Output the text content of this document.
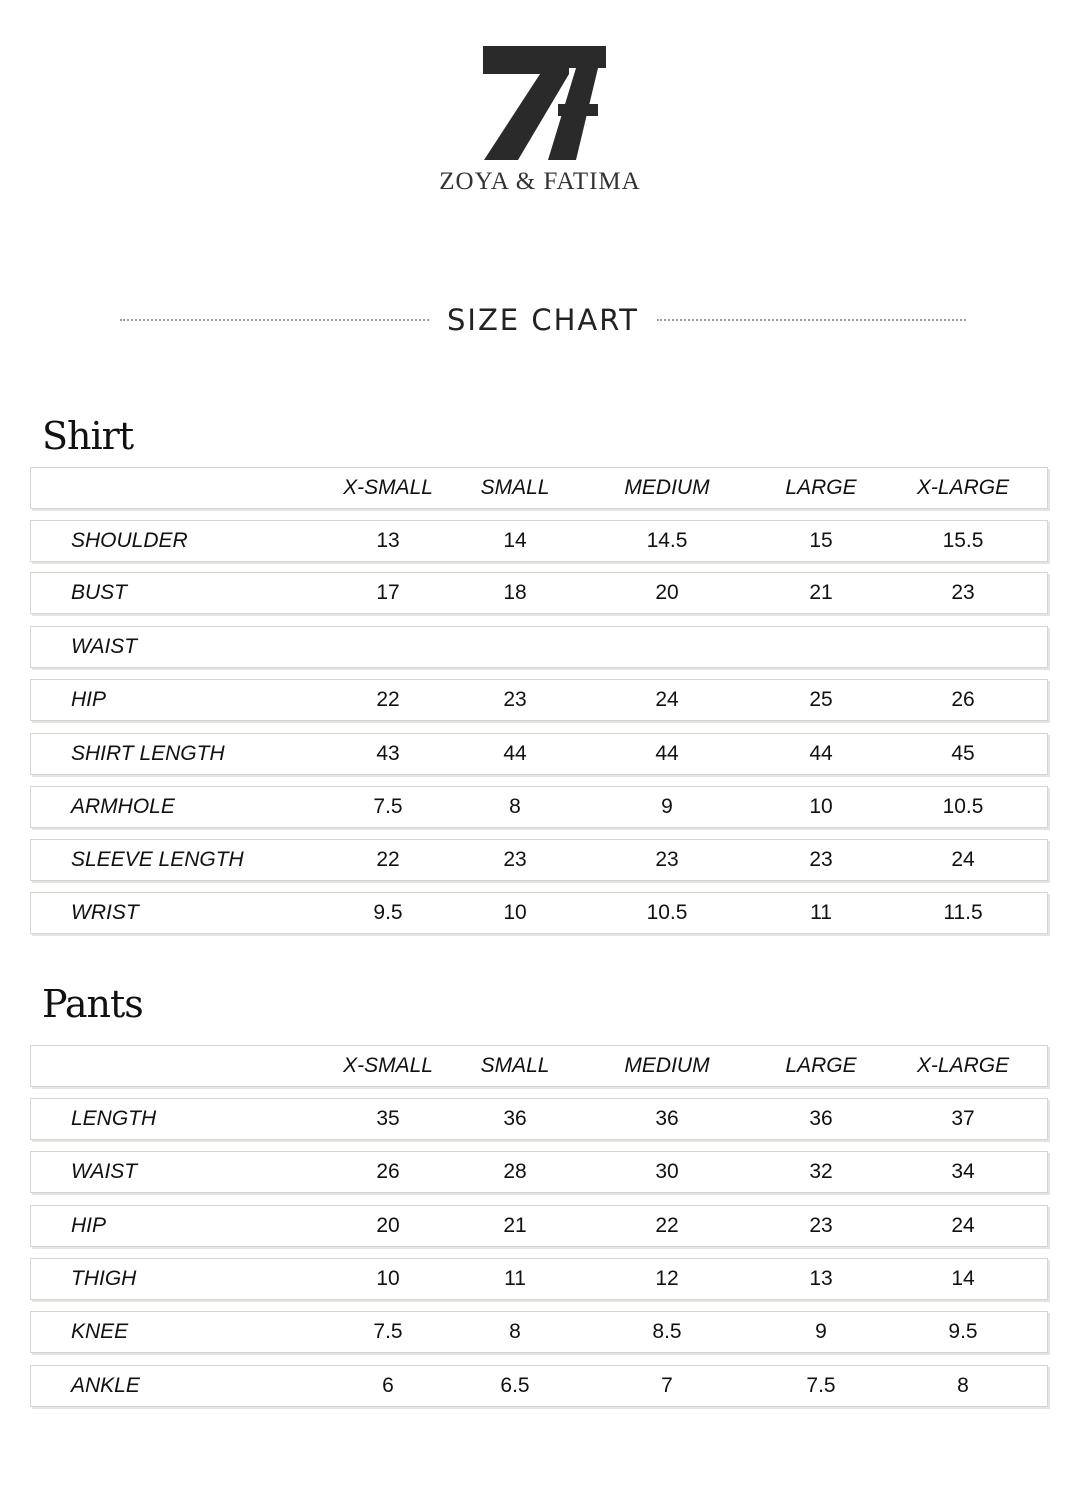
ZOYA & FATIMA
SIZE CHART
Shirt
X-SMALL	SMALL	MEDIUM	LARGE	X-LARGE
SHOULDER	13	14	14.5	15	15.5
BUST	17	18	20	21	23
WAIST
HIP	22	23	24	25	26
SHIRT LENGTH	43	44	44	44	45
ARMHOLE	7.5	8	9	10	10.5
SLEEVE LENGTH	22	23	23	23	24
WRIST	9.5	10	10.5	11	11.5
Pants
X-SMALL	SMALL	MEDIUM	LARGE	X-LARGE
LENGTH	35	36	36	36	37
WAIST	26	28	30	32	34
HIP	20	21	22	23	24
THIGH	10	11	12	13	14
KNEE	7.5	8	8.5	9	9.5
ANKLE	6	6.5	7	7.5	8
